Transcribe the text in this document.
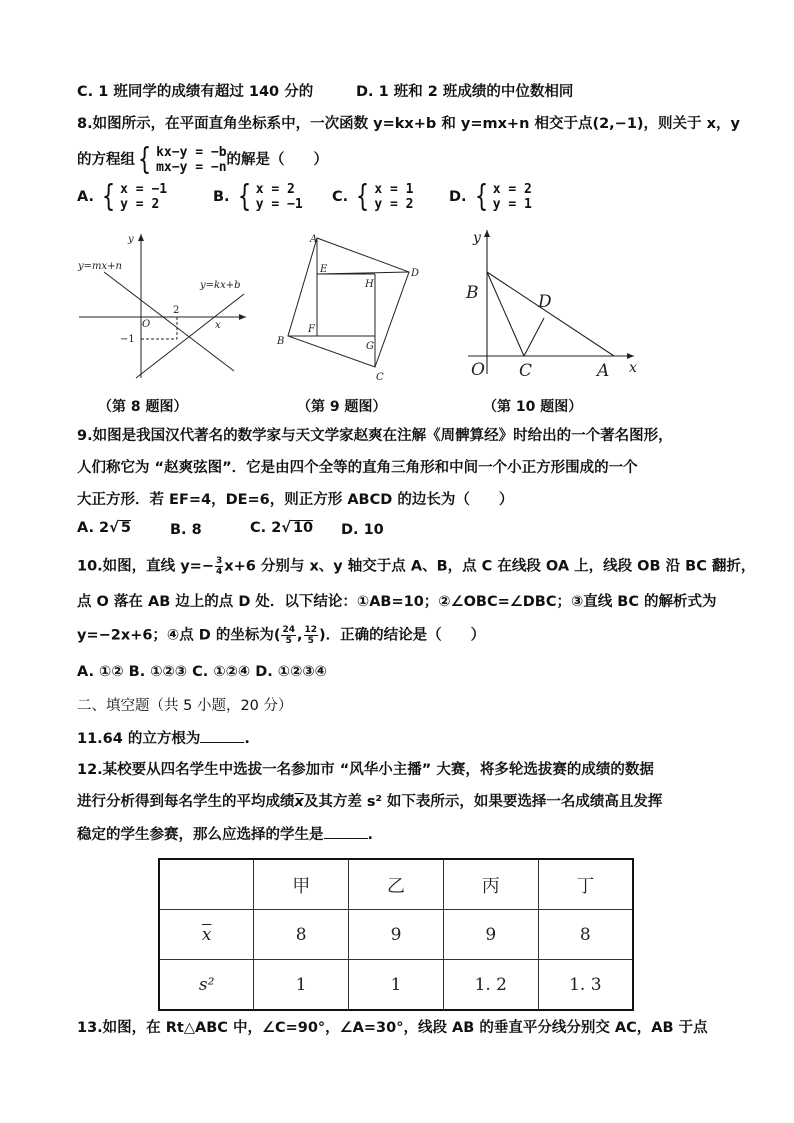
C. 1 班同学的成绩有超过 140 分的	D. 1 班和 2 班成绩的中位数相同
8.如图所示，在平面直角坐标系中，一次函数 y=kx+b 和 y=mx+n 相交于点(2,−1)，则关于 x，y
的方程组 { kx−y = −b
mx−y = −n 的解是（　　）
A. { x = −1
y = 2	B. { x = 2
y = −1 C. { x = 1
y = 2 D. { x = 2
y = 1
y
x
y=mx+n
y=kx+b
O
2
−1
A
B
C
D
E
F
G
H
y
x
O
B
C
D
A
（第 8 题图）	（第 9 题图）	（第 10 题图）
9.如图是我国汉代著名的数学家与天文学家赵爽在注解《周髀算经》时给出的一个著名图形，
人们称它为 “赵爽弦图”．它是由四个全等的直角三角形和中间一个小正方形围成的一个
大正方形．若 EF=4，DE=6，则正方形 ABCD 的边长为（　　）
A. 2√ 5	B. 8	C. 2√ 10 D. 10
10.如图，直线 $y=- \frac{3}{4} x+6$ 分别与 x、y 轴交于点 A、B，点 C 在线段 OA 上，线段 OB 沿 BC 翻折，
点 O 落在 AB 边上的点 D 处．以下结论：①AB=10；②∠OBC=∠DBC；③直线 BC 的解析式为
y=−2x+6；④点 D 的坐标为( $\frac{24}{5}$ , $\frac{12}{5}$ )．正确的结论是（　　）
A. ①② B. ①②③ C. ①②④ D. ①②③④
二、填空题（共 5 小题，20 分）
11.64 的立方根为	.
12.某校要从四名学生中选拔一名参加市 “风华小主播” 大赛，将多轮选拔赛的成绩的数据
进行分析得到每名学生的平均成绩$\overline{x}$及其方差 s² 如下表所示，如果要选择一名成绩高且发挥
稳定的学生参赛，那么应选择的学生是	.
	甲	乙	丙	丁
$\overline{x}$	8	9	9	8
s²	1	1	1. 2	1. 3
13.如图，在 Rt△ABC 中，∠C=90°，∠A=30°，线段 AB 的垂直平分线分别交 AC，AB 于点
